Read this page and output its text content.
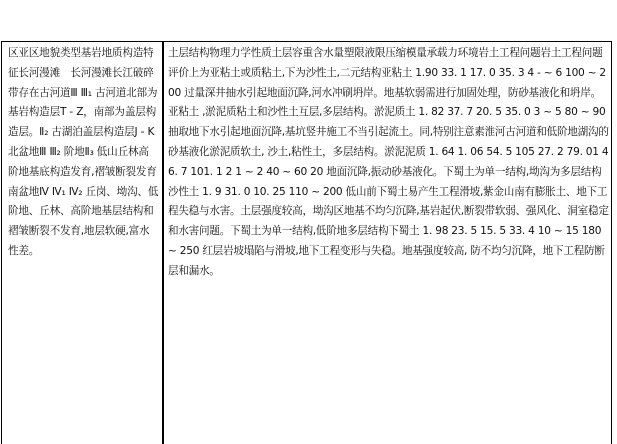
区亚区地貌类型基岩地质构造特征长河漫滩　长河漫滩长江破碎带存在古河道Ⅲ Ⅲ₁ 古河道北部为基岩构造层T - Z，南部为盖层构造层。Ⅱ₂ 古湖泊盖层构造层J - K北盆地Ⅲ Ⅲ₂ 阶地Ⅱ₃ 低山丘林高阶地基底构造发育,褶皱断裂发育南盆地Ⅳ Ⅳ₁ Ⅳ₂ 丘岗、坳沟、低阶地、丘林、高阶地基层结构和褶皱断裂不发育,地层软硬,富水性差。
土层结构物理力学性质土层容重含水量塑限液限压缩模量承载力环境岩土工程问题岩土工程问题评价上为亚粘土或质粘土,下为沙性土,二元结构亚粘土 1.90 33. 1 17. 0 35. 3 4 - ~ 6 100 ~ 200 过量深井抽水引起地面沉降,河水冲刷坍岸。地基软弱需进行加固处理，防砂基液化和坍岸。亚粘土 ,淤泥质粘土和沙性土互层,多层结构。淤泥质土 1. 82 37. 7 20. 5 35. 0 3 ~ 5 80 ~ 90 抽取地下水引起地面沉降,基坑竖井施工不当引起流土。同,特别注意素淮河古河道和低阶地湖沟的砂基液化淤泥质软土, 沙土,粘性土，多层结构。淤泥泥质 1. 64 1. 06 54. 5 105 27. 2 79. 01 46. 7 101. 1 2 1 ~ 2 40 ~ 60 20 地面沉降,振动砂基液化。下蜀土为单一结构,坳沟为多层结构沙性土 1. 9 31. 0 10. 25 110 ~ 200 低山前下蜀土易产生工程滑坡,紫金山南有膨胀土、地下工程失稳与水害。土层强度较高，坳沟区地基不均匀沉降,基岩起伏,断裂带软弱、强风化、洞室稳定和水害问题。下蜀土为单一结构,低阶地多层结构下蜀土 1. 98 23. 5 15. 5 33. 4 10 ~ 15 180 ~ 250 红层岩坡塌陷与滑坡,地下工程变形与失稳。地基强度较高, 防不均匀沉降，地下工程防断层和漏水。
